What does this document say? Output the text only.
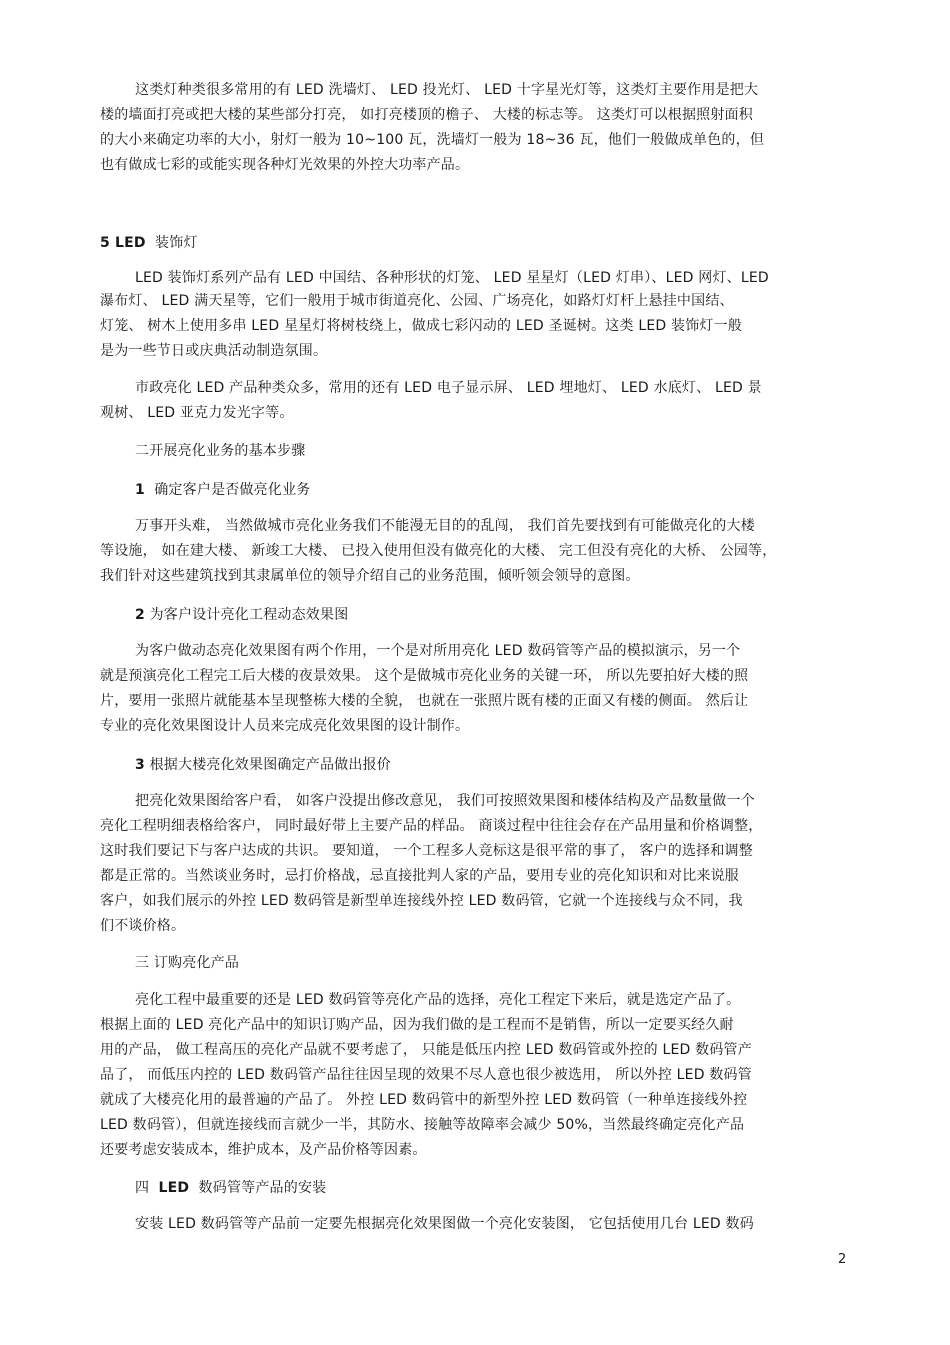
这类灯种类很多常用的有 LED 洗墙灯、 LED 投光灯、 LED 十字星光灯等，这类灯主要作用是把大

楼的墙面打亮或把大楼的某些部分打亮， 如打亮楼顶的檐子、 大楼的标志等。 这类灯可以根据照射面积

的大小来确定功率的大小，射灯一般为 10~100 瓦，洗墙灯一般为 18~36 瓦，他们一般做成单色的，但

也有做成七彩的或能实现各种灯光效果的外控大功率产品。

5 LED 装饰灯

LED 装饰灯系列产品有 LED 中国结、各种形状的灯笼、 LED 星星灯（LED 灯串）、LED 网灯、LED

瀑布灯、 LED 满天星等，它们一般用于城市街道亮化、公园、广场亮化，如路灯灯杆上悬挂中国结、

灯笼、 树木上使用多串 LED 星星灯将树枝绕上，做成七彩闪动的 LED 圣诞树。这类 LED 装饰灯一般

是为一些节日或庆典活动制造氛围。

市政亮化 LED 产品种类众多，常用的还有 LED 电子显示屏、 LED 埋地灯、 LED 水底灯、 LED 景

观树、 LED 亚克力发光字等。

二开展亮化业务的基本步骤

1 确定客户是否做亮化业务

万事开头难， 当然做城市亮化业务我们不能漫无目的的乱闯， 我们首先要找到有可能做亮化的大楼

等设施， 如在建大楼、 新竣工大楼、 已投入使用但没有做亮化的大楼、 完工但没有亮化的大桥、 公园等，

我们针对这些建筑找到其隶属单位的领导介绍自己的业务范围，倾听领会领导的意图。

2 为客户设计亮化工程动态效果图

为客户做动态亮化效果图有两个作用，一个是对所用亮化 LED 数码管等产品的模拟演示，另一个

就是预演亮化工程完工后大楼的夜景效果。 这个是做城市亮化业务的关键一环， 所以先要拍好大楼的照

片，要用一张照片就能基本呈现整栋大楼的全貌， 也就在一张照片既有楼的正面又有楼的侧面。 然后让

专业的亮化效果图设计人员来完成亮化效果图的设计制作。

3 根据大楼亮化效果图确定产品做出报价

把亮化效果图给客户看， 如客户没提出修改意见， 我们可按照效果图和楼体结构及产品数量做一个

亮化工程明细表格给客户， 同时最好带上主要产品的样品。 商谈过程中往往会存在产品用量和价格调整，

这时我们要记下与客户达成的共识。 要知道， 一个工程多人竞标这是很平常的事了， 客户的选择和调整

都是正常的。当然谈业务时，忌打价格战，忌直接批判人家的产品，要用专业的亮化知识和对比来说服

客户，如我们展示的外控 LED 数码管是新型单连接线外控 LED 数码管，它就一个连接线与众不同，我

们不谈价格。

三 订购亮化产品

亮化工程中最重要的还是 LED 数码管等亮化产品的选择，亮化工程定下来后，就是选定产品了。

根据上面的 LED 亮化产品中的知识订购产品，因为我们做的是工程而不是销售，所以一定要买经久耐

用的产品， 做工程高压的亮化产品就不要考虑了， 只能是低压内控 LED 数码管或外控的 LED 数码管产

品了， 而低压内控的 LED 数码管产品往往因呈现的效果不尽人意也很少被选用， 所以外控 LED 数码管

就成了大楼亮化用的最普遍的产品了。 外控 LED 数码管中的新型外控 LED 数码管（一种单连接线外控

LED 数码管），但就连接线而言就少一半，其防水、接触等故障率会减少 50%，当然最终确定亮化产品

还要考虑安装成本，维护成本，及产品价格等因素。

四 LED 数码管等产品的安装

安装 LED 数码管等产品前一定要先根据亮化效果图做一个亮化安装图， 它包括使用几台 LED 数码

2
